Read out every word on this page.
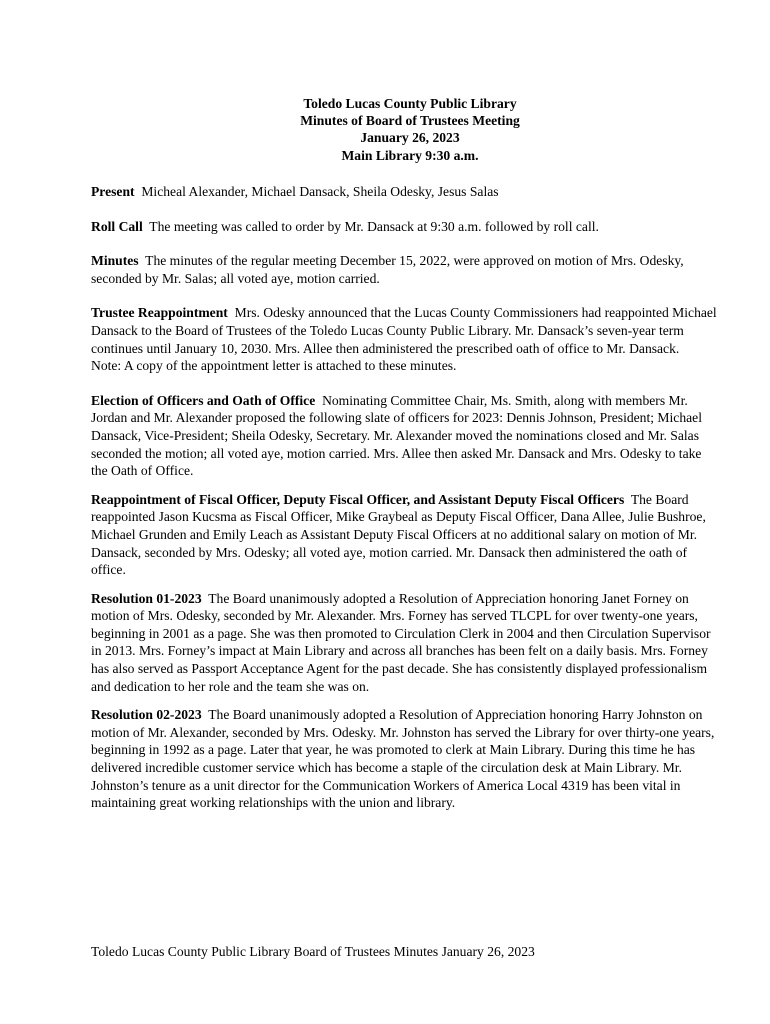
Toledo Lucas County Public Library
Minutes of Board of Trustees Meeting
January 26, 2023
Main Library 9:30 a.m.

Present Micheal Alexander, Michael Dansack, Sheila Odesky, Jesus Salas

Roll Call The meeting was called to order by Mr. Dansack at 9:30 a.m. followed by roll call.

Minutes The minutes of the regular meeting December 15, 2022, were approved on motion of Mrs. Odesky, seconded by Mr. Salas; all voted aye, motion carried.

Trustee Reappointment Mrs. Odesky announced that the Lucas County Commissioners had reappointed Michael Dansack to the Board of Trustees of the Toledo Lucas County Public Library. Mr. Dansack’s seven-year term continues until January 10, 2030. Mrs. Allee then administered the prescribed oath of office to Mr. Dansack.

Note: A copy of the appointment letter is attached to these minutes.

Election of Officers and Oath of Office Nominating Committee Chair, Ms. Smith, along with members Mr. Jordan and Mr. Alexander proposed the following slate of officers for 2023: Dennis Johnson, President; Michael Dansack, Vice-President; Sheila Odesky, Secretary. Mr. Alexander moved the nominations closed and Mr. Salas seconded the motion; all voted aye, motion carried. Mrs. Allee then asked Mr. Dansack and Mrs. Odesky to take the Oath of Office.

Reappointment of Fiscal Officer, Deputy Fiscal Officer, and Assistant Deputy Fiscal Officers The Board reappointed Jason Kucsma as Fiscal Officer, Mike Graybeal as Deputy Fiscal Officer, Dana Allee, Julie Bushroe, Michael Grunden and Emily Leach as Assistant Deputy Fiscal Officers at no additional salary on motion of Mr. Dansack, seconded by Mrs. Odesky; all voted aye, motion carried. Mr. Dansack then administered the oath of office.

Resolution 01-2023 The Board unanimously adopted a Resolution of Appreciation honoring Janet Forney on motion of Mrs. Odesky, seconded by Mr. Alexander. Mrs. Forney has served TLCPL for over twenty-one years, beginning in 2001 as a page. She was then promoted to Circulation Clerk in 2004 and then Circulation Supervisor in 2013. Mrs. Forney’s impact at Main Library and across all branches has been felt on a daily basis. Mrs. Forney has also served as Passport Acceptance Agent for the past decade. She has consistently displayed professionalism and dedication to her role and the team she was on.

Resolution 02-2023 The Board unanimously adopted a Resolution of Appreciation honoring Harry Johnston on motion of Mr. Alexander, seconded by Mrs. Odesky. Mr. Johnston has served the Library for over thirty-one years, beginning in 1992 as a page. Later that year, he was promoted to clerk at Main Library. During this time he has delivered incredible customer service which has become a staple of the circulation desk at Main Library. Mr. Johnston’s tenure as a unit director for the Communication Workers of America Local 4319 has been vital in maintaining great working relationships with the union and library.

Toledo Lucas County Public Library Board of Trustees Minutes January 26, 2023
